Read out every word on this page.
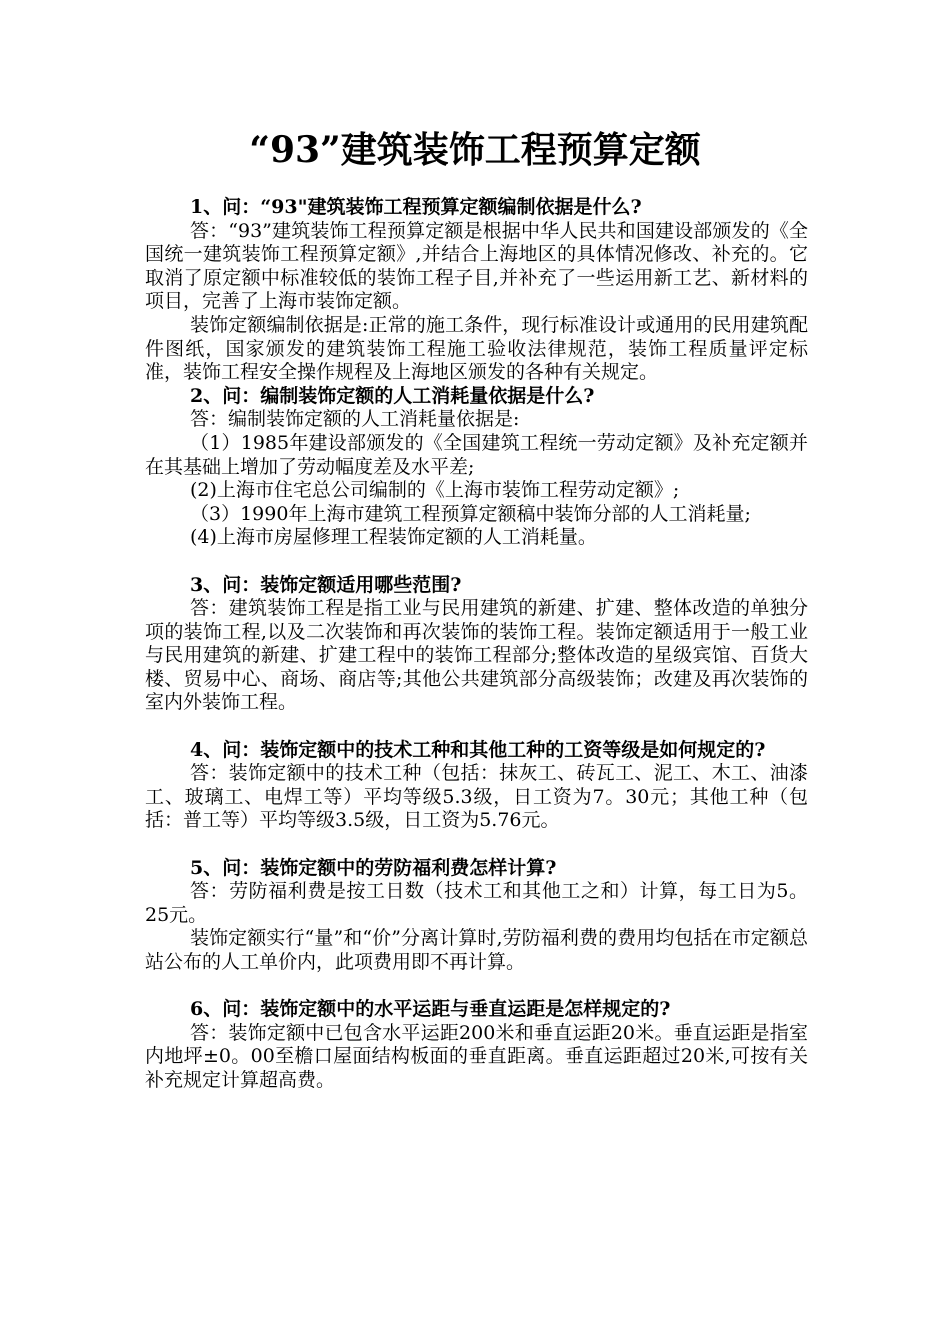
“93”建筑装饰工程预算定额

1、问：“93"建筑装饰工程预算定额编制依据是什么?

答：“93”建筑装饰工程预算定额是根据中华人民共和国建设部颁发的《全国统一建筑装饰工程预算定额》,并结合上海地区的具体情况修改、补充的。它取消了原定额中标准较低的装饰工程子目,并补充了一些运用新工艺、新材料的项目，完善了上海市装饰定额。

装饰定额编制依据是:正常的施工条件，现行标准设计或通用的民用建筑配件图纸，国家颁发的建筑装饰工程施工验收法律规范，装饰工程质量评定标准，装饰工程安全操作规程及上海地区颁发的各种有关规定。

2、问：编制装饰定额的人工消耗量依据是什么?

答：编制装饰定额的人工消耗量依据是:

（1）1985年建设部颁发的《全国建筑工程统一劳动定额》及补充定额并在其基础上增加了劳动幅度差及水平差;

(2)上海市住宅总公司编制的《上海市装饰工程劳动定额》;

（3）1990年上海市建筑工程预算定额稿中装饰分部的人工消耗量;

(4)上海市房屋修理工程装饰定额的人工消耗量。

3、问：装饰定额适用哪些范围?

答：建筑装饰工程是指工业与民用建筑的新建、扩建、整体改造的单独分项的装饰工程,以及二次装饰和再次装饰的装饰工程。装饰定额适用于一般工业与民用建筑的新建、扩建工程中的装饰工程部分;整体改造的星级宾馆、百货大楼、贸易中心、商场、商店等;其他公共建筑部分高级装饰；改建及再次装饰的室内外装饰工程。

4、问：装饰定额中的技术工种和其他工种的工资等级是如何规定的?

答：装饰定额中的技术工种（包括：抹灰工、砖瓦工、泥工、木工、油漆工、玻璃工、电焊工等）平均等级5.3级，日工资为7。30元；其他工种（包括：普工等）平均等级3.5级，日工资为5.76元。

5、问：装饰定额中的劳防福利费怎样计算?

答：劳防福利费是按工日数（技术工和其他工之和）计算，每工日为5。25元。

装饰定额实行“量”和“价”分离计算时,劳防福利费的费用均包括在市定额总站公布的人工单价内，此项费用即不再计算。

6、问：装饰定额中的水平运距与垂直运距是怎样规定的?

答：装饰定额中已包含水平运距200米和垂直运距20米。垂直运距是指室内地坪±0。00至檐口屋面结构板面的垂直距离。垂直运距超过20米,可按有关补充规定计算超高费。
